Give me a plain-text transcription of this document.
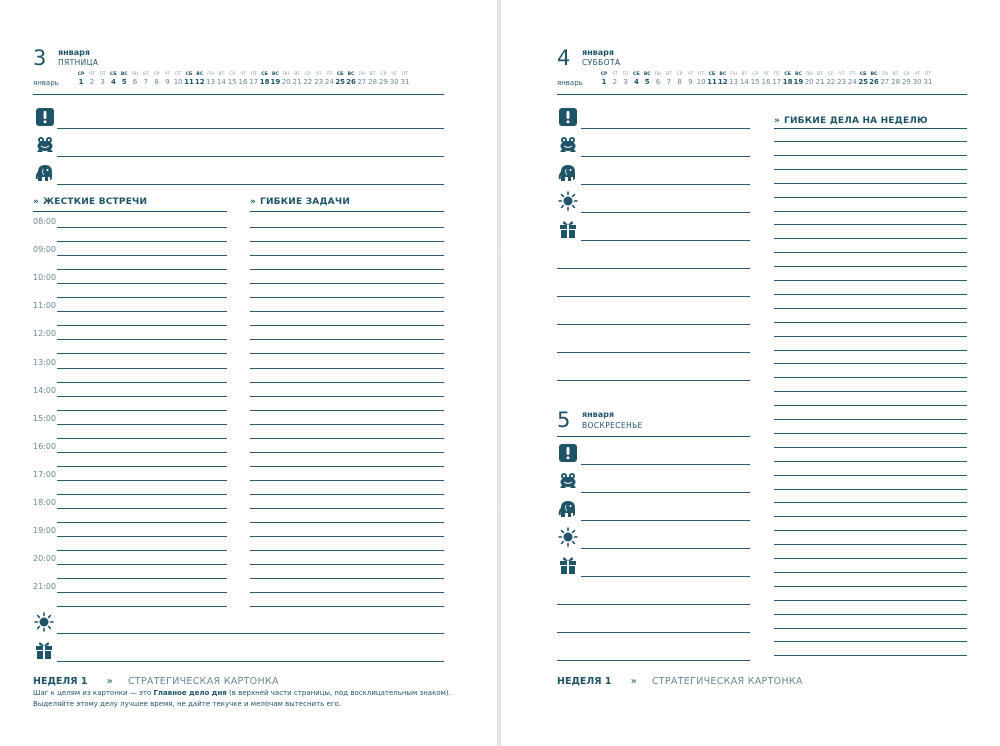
3 января
ПЯТНИЦА
январь
СР
1
ЧТ
2
ПТ
3
СБ
4
ВС
5
ПН
6
ВТ
7
СР
8
ЧТ
9
ПТ
10
СБ
11
ВС
12
ПН
13
ВТ
14
СР
15
ЧТ
16
ПТ
17
СБ
18
ВС
19
ПН
20
ВТ
21
СР
22
ЧТ
23
ПТ
24
СБ
25
ВС
26
ПН
27
ВТ
28
СР
29
ЧТ
30
ПТ
31
» ЖЕСТКИЕ ВСТРЕЧИ	» ГИБКИЕ ЗАДАЧИ
НЕДЕЛЯ 1 » СТРАТЕГИЧЕСКАЯ КАРТОНКА
Шаг к целям из картонки — это Главное дело дня (в верхней части страницы, под восклицательным знаком).
Выделяйте этому делу лучшее время, не дайте текучке и мелочам вытеснить его.
08:00
09:00
10:00
11:00
12:00
13:00
14:00
15:00
16:00
17:00
18:00
19:00
20:00
21:00
4 января
СУББОТА
январь
СР
1
ЧТ
2
ПТ
3
СБ
4
ВС
5
ПН
6
ВТ
7
СР
8
ЧТ
9
ПТ
10
СБ
11
ВС
12
ПН
13
ВТ
14
СР
15
ЧТ
16
ПТ
17
СБ
18
ВС
19
ПН
20
ВТ
21
СР
22
ЧТ
23
ПТ
24
СБ
25
ВС
26
ПН
27
ВТ
28
СР
29
ЧТ
30
ПТ
31
5 января
ВОСКРЕСЕНЬЕ
» ГИБКИЕ ДЕЛА НА НЕДЕЛЮ
НЕДЕЛЯ 1 » СТРАТЕГИЧЕСКАЯ КАРТОНКА
